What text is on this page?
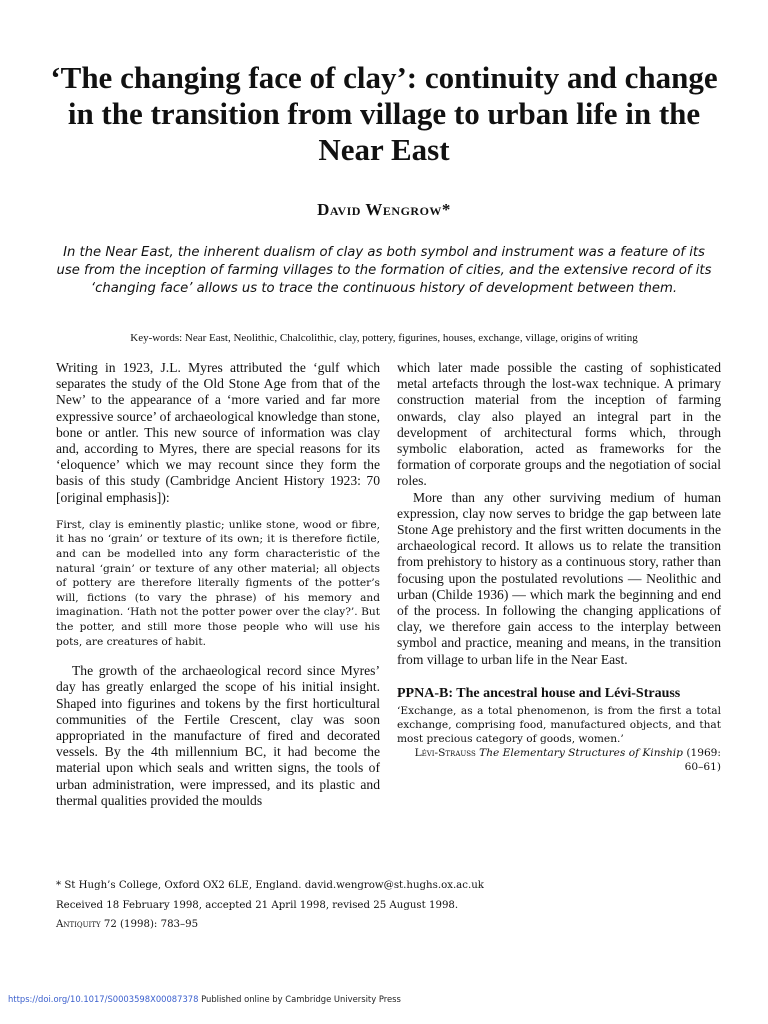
‘The changing face of clay’: continuity and change in the transition from village to urban life in the Near East
David Wengrow*

In the Near East, the inherent dualism of clay as both symbol and instrument was a feature of its use from the inception of farming villages to the formation of cities, and the extensive record of its ‘changing face’ allows us to trace the continuous history of development between them.

Key-words: Near East, Neolithic, Chalcolithic, clay, pottery, figurines, houses, exchange, village, origins of writing

Writing in 1923, J.L. Myres attributed the ‘gulf which separates the study of the Old Stone Age from that of the New’ to the appearance of a ‘more varied and far more expressive source’ of archaeological knowledge than stone, bone or antler. This new source of information was clay and, according to Myres, there are special reasons for its ‘eloquence’ which we may recount since they form the basis of this study (Cambridge Ancient History 1923: 70 [original emphasis]):

First, clay is eminently plastic; unlike stone, wood or fibre, it has no ‘grain’ or texture of its own; it is therefore fictile, and can be modelled into any form characteristic of the natural ‘grain’ or texture of any other material; all objects of pottery are therefore literally figments of the potter’s will, fictions (to vary the phrase) of his memory and imagination. ‘Hath not the potter power over the clay?’. But the potter, and still more those people who will use his pots, are creatures of habit.

The growth of the archaeological record since Myres’ day has greatly enlarged the scope of his initial insight. Shaped into figurines and tokens by the first horticultural communities of the Fertile Crescent, clay was soon appropriated in the manufacture of fired and decorated vessels. By the 4th millennium BC, it had become the material upon which seals and written signs, the tools of urban administration, were impressed, and its plastic and thermal qualities provided the moulds

which later made possible the casting of sophisticated metal artefacts through the lost-wax technique. A primary construction material from the inception of farming onwards, clay also played an integral part in the development of architectural forms which, through symbolic elaboration, acted as frameworks for the formation of corporate groups and the negotiation of social roles.

More than any other surviving medium of human expression, clay now serves to bridge the gap between late Stone Age prehistory and the first written documents in the archaeological record. It allows us to relate the transition from prehistory to history as a continuous story, rather than focusing upon the postulated revolutions — Neolithic and urban (Childe 1936) — which mark the beginning and end of the process. In following the changing applications of clay, we therefore gain access to the interplay between symbol and practice, meaning and means, in the transition from village to urban life in the Near East.

PPNA-B: The ancestral house and Lévi-Strauss

‘Exchange, as a total phenomenon, is from the first a total exchange, comprising food, manufactured objects, and that most precious category of goods, women.’
Lévi-Strauss The Elementary Structures of Kinship (1969: 60–61)
* St Hugh’s College, Oxford OX2 6LE, England. david.wengrow@st.hughs.ox.ac.uk
Received 18 February 1998, accepted 21 April 1998, revised 25 August 1998.
Antiquity 72 (1998): 783–95
https://doi.org/10.1017/S0003598X00087378 Published online by Cambridge University Press
